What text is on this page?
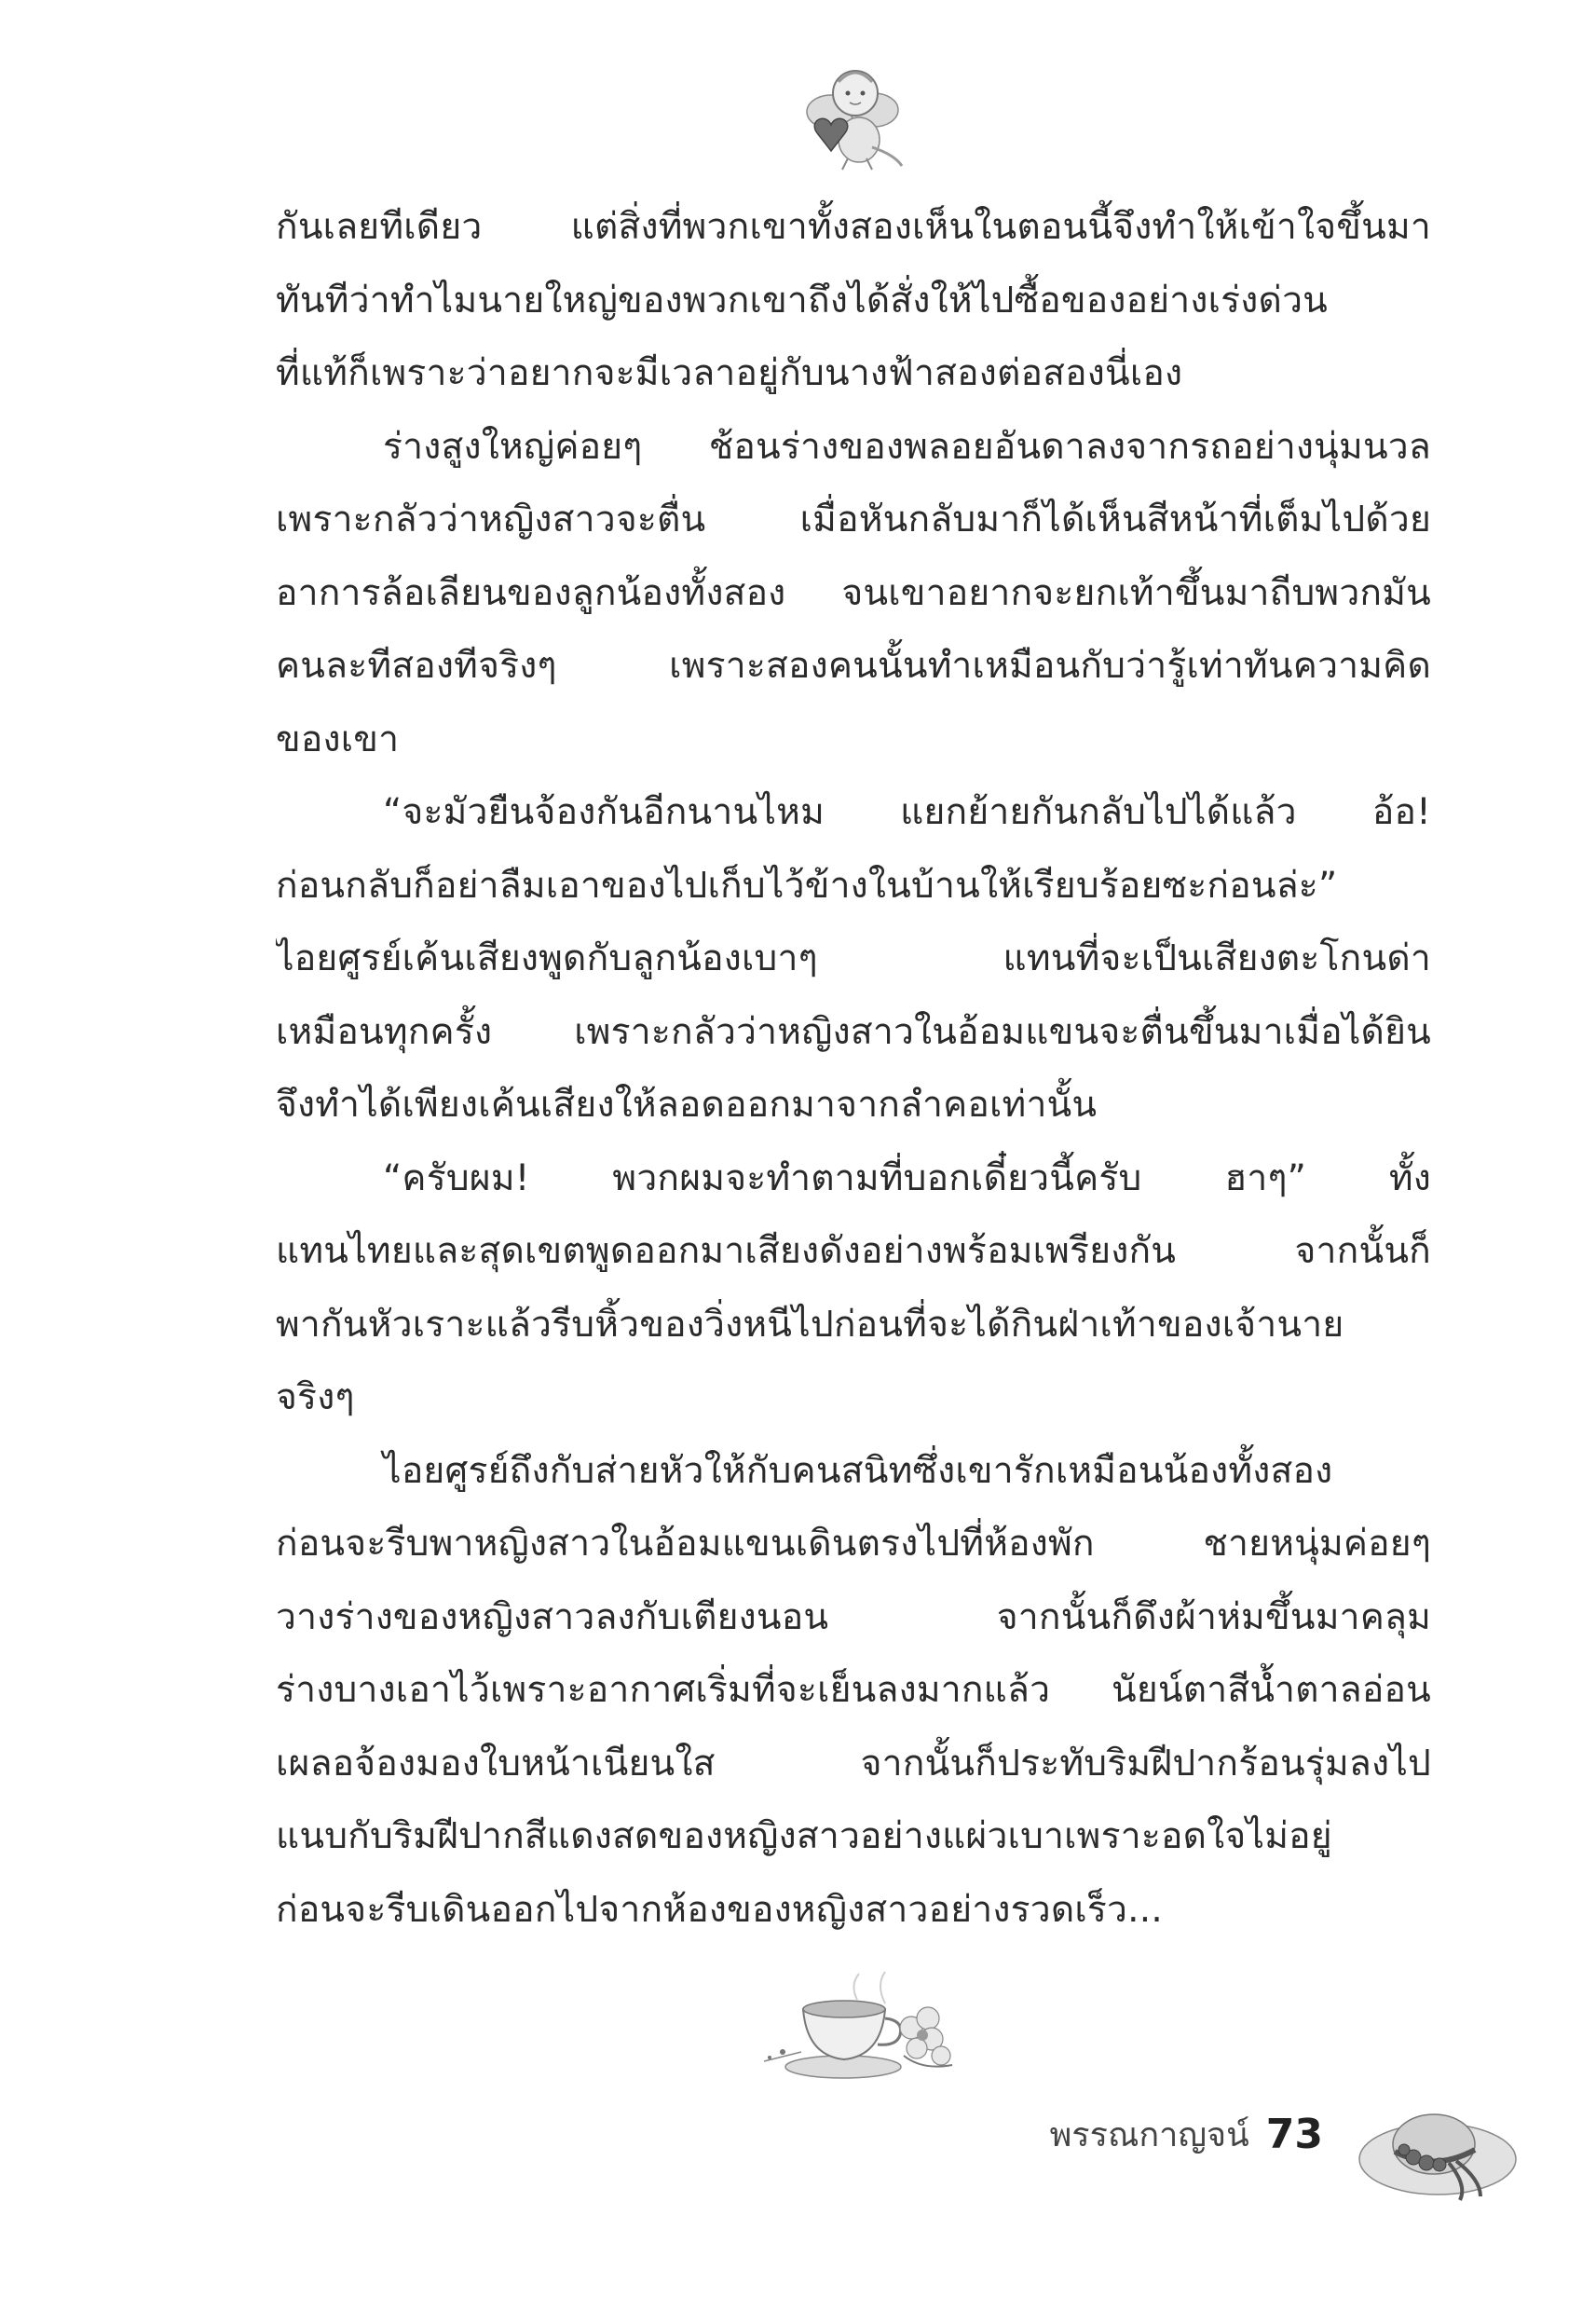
กันเลยทีเดียว แต่สิ่งที่พวกเขาทั้งสองเห็นในตอนนี้จึงทำให้เข้าใจขึ้นมา
ทันทีว่าทำไมนายใหญ่ของพวกเขาถึงได้สั่งให้ไปซื้อของอย่างเร่งด่วน
ที่แท้ก็เพราะว่าอยากจะมีเวลาอยู่กับนางฟ้าสองต่อสองนี่เอง
ร่างสูงใหญ่ค่อยๆ ช้อนร่างของพลอยอันดาลงจากรถอย่างนุ่มนวล
เพราะกลัวว่าหญิงสาวจะตื่น เมื่อหันกลับมาก็ได้เห็นสีหน้าที่เต็มไปด้วย
อาการล้อเลียนของลูกน้องทั้งสอง จนเขาอยากจะยกเท้าขึ้นมาถีบพวกมัน
คนละทีสองทีจริงๆ เพราะสองคนนั้นทำเหมือนกับว่ารู้เท่าทันความคิด
ของเขา
“จะมัวยืนจ้องกันอีกนานไหม แยกย้ายกันกลับไปได้แล้ว อ้อ!
ก่อนกลับก็อย่าลืมเอาของไปเก็บไว้ข้างในบ้านให้เรียบร้อยซะก่อนล่ะ”
ไอยศูรย์เค้นเสียงพูดกับลูกน้องเบาๆ แทนที่จะเป็นเสียงตะโกนด่า
เหมือนทุกครั้ง เพราะกลัวว่าหญิงสาวในอ้อมแขนจะตื่นขึ้นมาเมื่อได้ยิน
จึงทำได้เพียงเค้นเสียงให้ลอดออกมาจากลำคอเท่านั้น
“ครับผม! พวกผมจะทำตามที่บอกเดี๋ยวนี้ครับ ฮาๆ” ทั้ง
แทนไทยและสุดเขตพูดออกมาเสียงดังอย่างพร้อมเพรียงกัน จากนั้นก็
พากันหัวเราะแล้วรีบหิ้วของวิ่งหนีไปก่อนที่จะได้กินฝ่าเท้าของเจ้านาย
จริงๆ
ไอยศูรย์ถึงกับส่ายหัวให้กับคนสนิทซึ่งเขารักเหมือนน้องทั้งสอง
ก่อนจะรีบพาหญิงสาวในอ้อมแขนเดินตรงไปที่ห้องพัก ชายหนุ่มค่อยๆ
วางร่างของหญิงสาวลงกับเตียงนอน จากนั้นก็ดึงผ้าห่มขึ้นมาคลุม
ร่างบางเอาไว้เพราะอากาศเริ่มที่จะเย็นลงมากแล้ว นัยน์ตาสีน้ำตาลอ่อน
เผลอจ้องมองใบหน้าเนียนใส จากนั้นก็ประทับริมฝีปากร้อนรุ่มลงไป
แนบกับริมฝีปากสีแดงสดของหญิงสาวอย่างแผ่วเบาเพราะอดใจไม่อยู่
ก่อนจะรีบเดินออกไปจากห้องของหญิงสาวอย่างรวดเร็ว...
พรรณกาญจน์ 73
